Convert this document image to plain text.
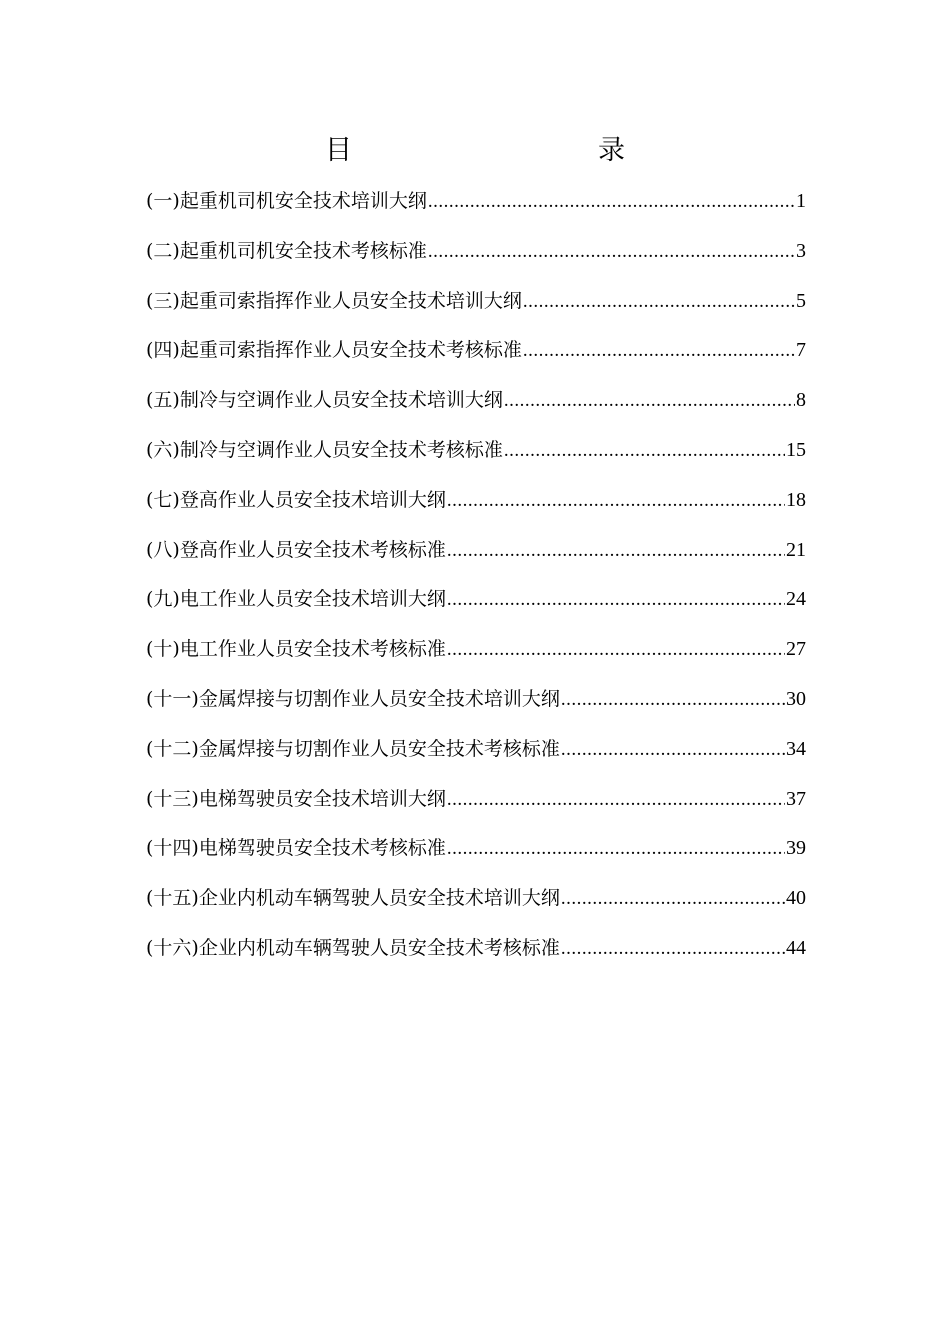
目　　录
(一)起重机司机安全技术培训大纲 .....	1
(二)起重机司机安全技术考核标准 .....	3
(三)起重司索指挥作业人员安全技术培训大纲 .....	5
(四)起重司索指挥作业人员安全技术考核标准 .....	7
(五)制冷与空调作业人员安全技术培训大纲 .....	8
(六)制冷与空调作业人员安全技术考核标准 .....	15
(七)登高作业人员安全技术培训大纲 .....	18
(八)登高作业人员安全技术考核标准 .....	21
(九)电工作业人员安全技术培训大纲 .....	24
(十)电工作业人员安全技术考核标准 .....	27
(十一)金属焊接与切割作业人员安全技术培训大纲 .....	30
(十二)金属焊接与切割作业人员安全技术考核标准 .....	34
(十三)电梯驾驶员安全技术培训大纲 .....	37
(十四)电梯驾驶员安全技术考核标准 .....	39
(十五)企业内机动车辆驾驶人员安全技术培训大纲 .....	40
(十六)企业内机动车辆驾驶人员安全技术考核标准 .....	44
